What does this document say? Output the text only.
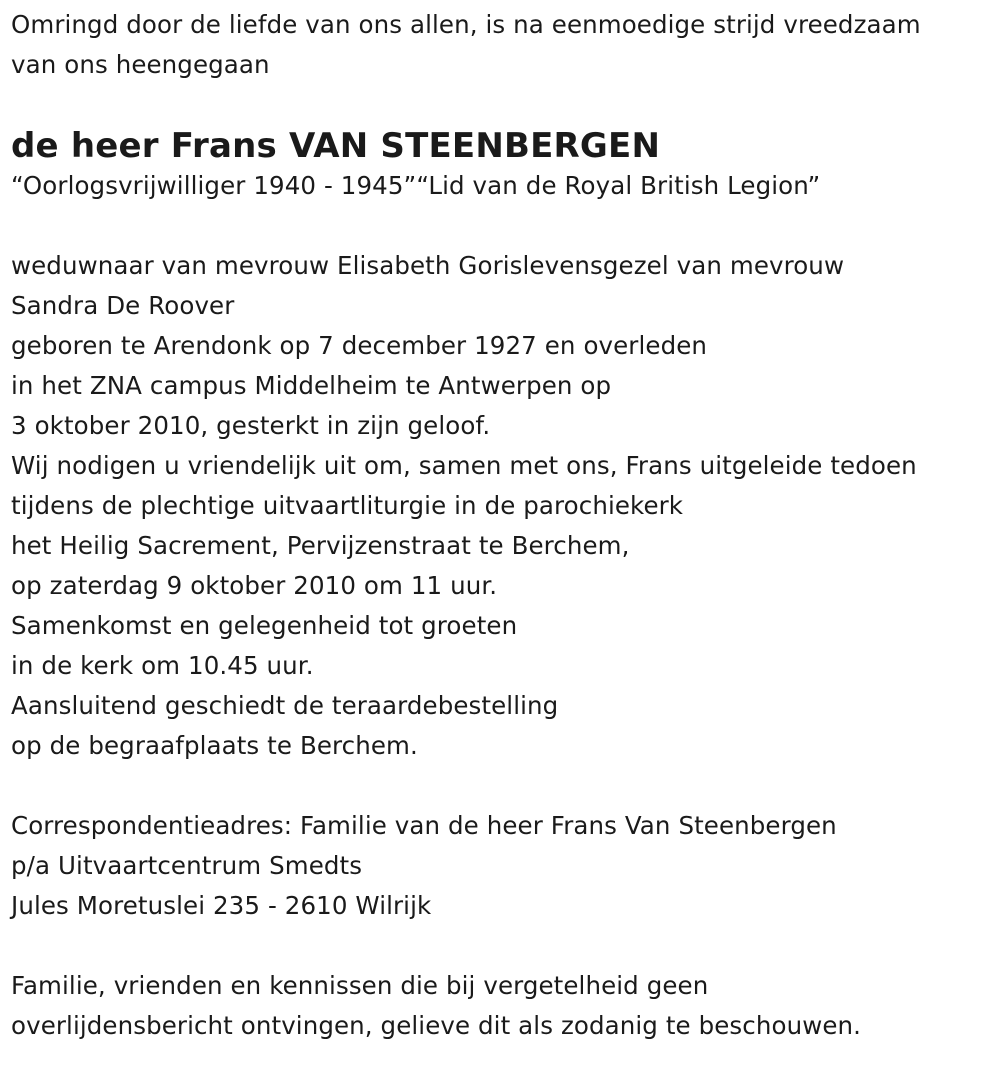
Omringd door de liefde van ons allen, is na eenmoedige strijd vreedzaam
van ons heengegaan
de heer Frans VAN STEENBERGEN
“Oorlogsvrijwilliger 1940 - 1945”“Lid van de Royal British Legion”
weduwnaar van mevrouw Elisabeth Gorislevensgezel van mevrouw
Sandra De Roover
geboren te Arendonk op 7 december 1927 en overleden
in het ZNA campus Middelheim te Antwerpen op
3 oktober 2010, gesterkt in zijn geloof.
Wij nodigen u vriendelijk uit om, samen met ons, Frans uitgeleide tedoen
tijdens de plechtige uitvaartliturgie in de parochiekerk
het Heilig Sacrement, Pervijzenstraat te Berchem,
op zaterdag 9 oktober 2010 om 11 uur.
Samenkomst en gelegenheid tot groeten
in de kerk om 10.45 uur.
Aansluitend geschiedt de teraardebestelling
op de begraafplaats te Berchem.
Correspondentieadres: Familie van de heer Frans Van Steenbergen
p/a Uitvaartcentrum Smedts
Jules Moretuslei 235 - 2610 Wilrijk
Familie, vrienden en kennissen die bij vergetelheid geen
overlijdensbericht ontvingen, gelieve dit als zodanig te beschouwen.
